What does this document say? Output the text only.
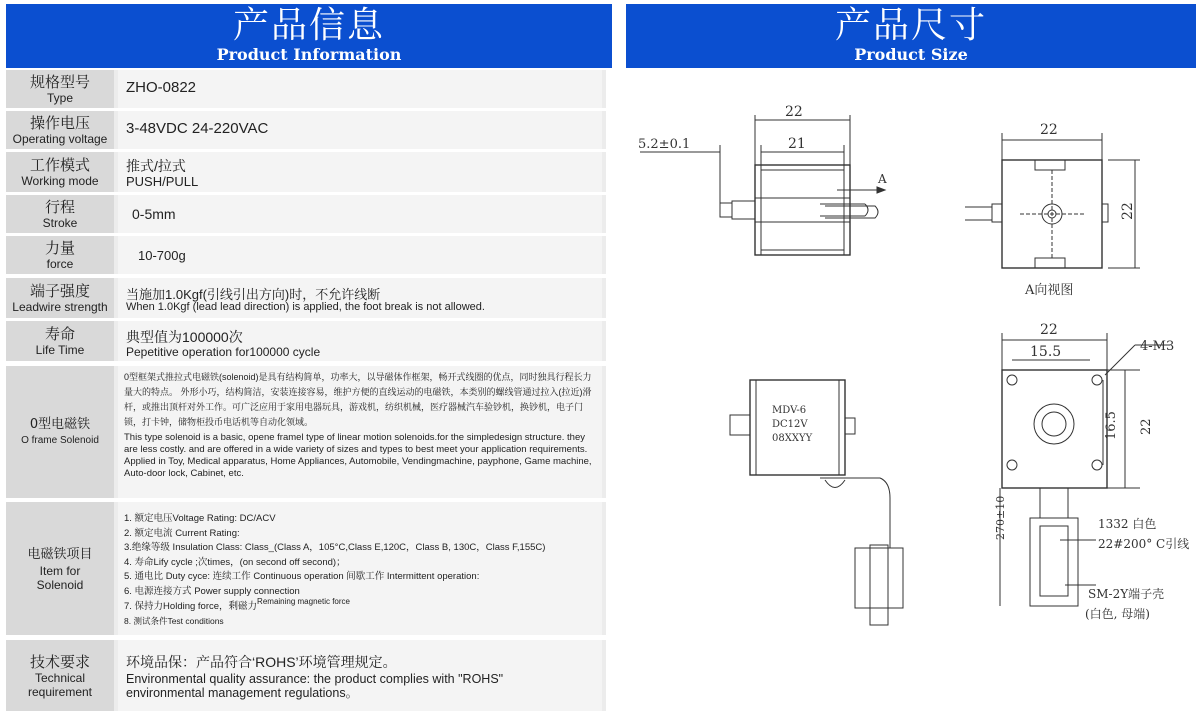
产品信息
Product Information
产品尺寸
Product Size
规格型号
Type
ZHO-0822
操作电压
Operating voltage
3-48VDC 24-220VAC
工作模式
Working mode
推式/拉式
PUSH/PULL
行程
Stroke
0-5mm
力量
force
10-700g
端子强度
Leadwire strength
当施加1.0Kgf(引线引出方向)时，不允许线断
When 1.0Kgf (lead lead direction) is applied, the foot break is not allowed.
寿命
Life Time
典型值为100000次
Pepetitive operation for100000 cycle
0型电磁铁
O frame Solenoid
0型框架式推拉式电磁铁(solenoid)是具有结构简单，功率大，以导磁体作框架，畅开式线圈的优点，同时独具行程长力量大的特点。 外形小巧，结构简洁，安装连接容易，维护方便的直线运动的电磁铁，本类别的螺线管通过拉入(拉近)滑杆，或推出顶杆对外工作。可广泛应用于家用电器玩具，游戏机，纺织机械，医疗器械汽车验钞机，换钞机，电子门锁，打卡钟，储物柜投币电话机等自动化领域。
This type solenoid is a basic, opene framel type of linear motion solenoids.for the simpledesign structure. they are less costly. and are offered in a wide variety of sizes and types to best meet your application requirements. Applied in Toy, Medical apparatus, Home Appliances, Automobile, Vendingmachine, payphone, Game machine, Auto-door lock, Cabinet, etc.
电磁铁项目
Item for Solenoid
1. 额定电压Voltage Rating: DC/ACV
2. 额定电流 Current Rating:
3.绝缘等级 Insulation Class: Class_(Class A，105°C,Class E,120C，Class B, 130C，Class F,155C)
4. 寿命Lify cycle ;次times，(on second off second)；
5. 通电比 Duty cyce: 连续工作 Continuous operation 间歇工作 Intermittent operation:
6. 电源连接方式 Power supply connection
7. 保持力Holding force，剩磁力$^{Remaining magnetic force}$
8. 测试条件Test conditions
技术要求
Technical requirement
环境品保：产品符合‘ROHS’环境管理规定。
Environmental quality assurance: the product complies with "ROHS" environmental management regulations。
22
21
5.2±0.1
A
22
22
A向视图
22
15.5	4-M3
16.5 22
270±10
MDV-6
DC12V
08XXYY
1332 白色
22#200° C引线
SM-2Y端子壳
(白色, 母端)
